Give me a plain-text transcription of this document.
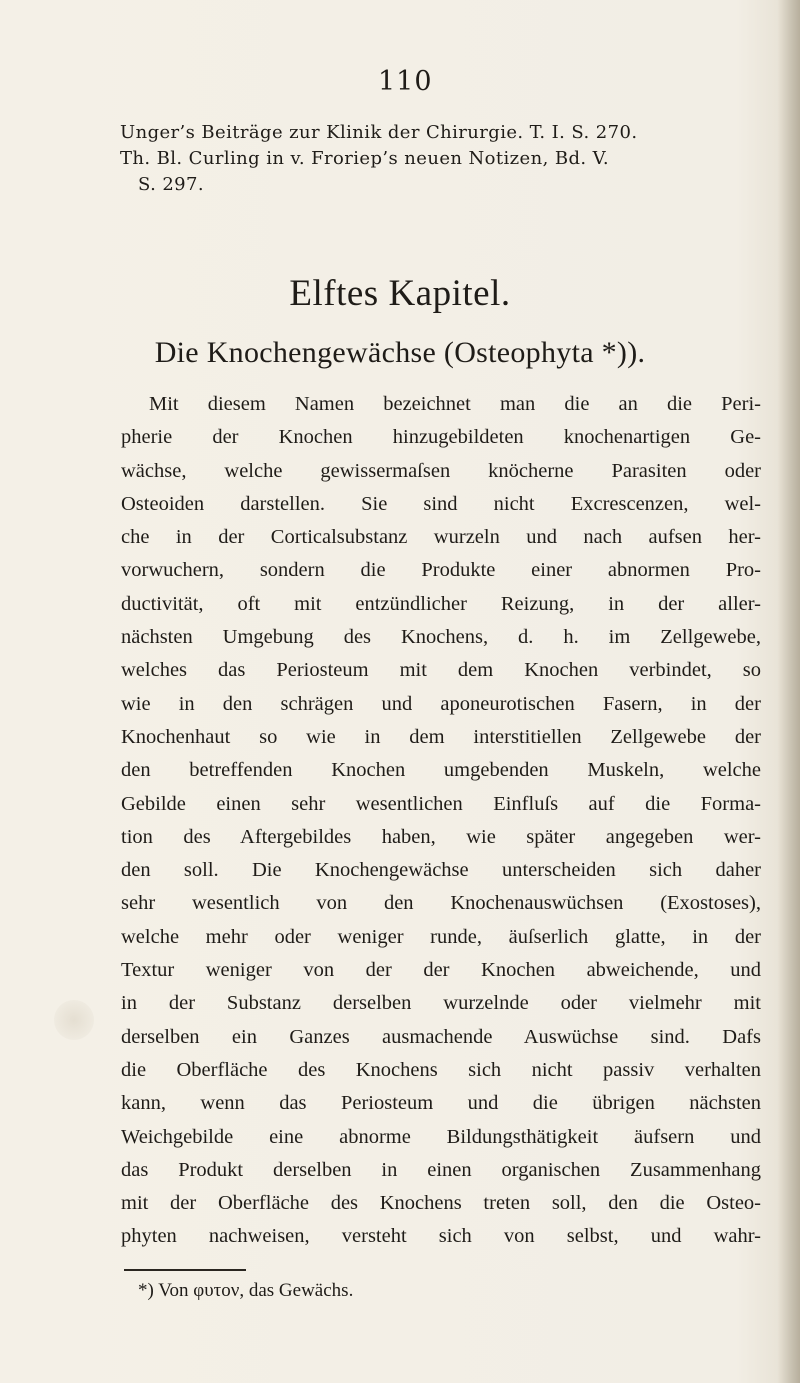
110
Unger’s Beiträge zur Klinik der Chirurgie. T. I. S. 270.
Th. Bl. Curling in v. Froriep’s neuen Notizen, Bd. V.
S. 297.
Elftes Kapitel.
Die Knochengewächse (Osteophyta *)).
Mit diesem Namen bezeichnet man die an die Peri-
pherie der Knochen hinzugebildeten knochenartigen Ge-
wächse, welche gewissermaſsen knöcherne Parasiten oder
Osteoiden darstellen. Sie sind nicht Excrescenzen, wel-
che in der Corticalsubstanz wurzeln und nach aufsen her-
vorwuchern, sondern die Produkte einer abnormen Pro-
ductivität, oft mit entzündlicher Reizung, in der aller-
nächsten Umgebung des Knochens, d. h. im Zellgewebe,
welches das Periosteum mit dem Knochen verbindet, so
wie in den schrägen und aponeurotischen Fasern, in der
Knochenhaut so wie in dem interstitiellen Zellgewebe der
den betreffenden Knochen umgebenden Muskeln, welche
Gebilde einen sehr wesentlichen Einfluſs auf die Forma-
tion des Aftergebildes haben, wie später angegeben wer-
den soll. Die Knochengewächse unterscheiden sich daher
sehr wesentlich von den Knochenauswüchsen (Exostoses),
welche mehr oder weniger runde, äuſserlich glatte, in der
Textur weniger von der der Knochen abweichende, und
in der Substanz derselben wurzelnde oder vielmehr mit
derselben ein Ganzes ausmachende Auswüchse sind. Dafs
die Oberfläche des Knochens sich nicht passiv verhalten
kann, wenn das Periosteum und die übrigen nächsten
Weichgebilde eine abnorme Bildungsthätigkeit äufsern und
das Produkt derselben in einen organischen Zusammenhang
mit der Oberfläche des Knochens treten soll, den die Osteo-
phyten nachweisen, versteht sich von selbst, und wahr-
*) Von φυτον, das Gewächs.
